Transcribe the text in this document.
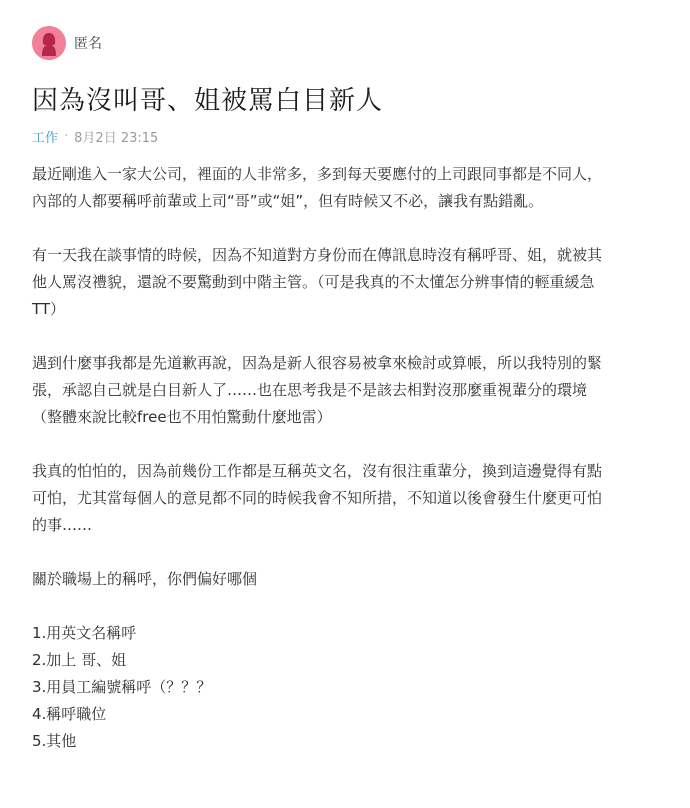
匿名
因為沒叫哥、姐被罵白目新人
工作 · 8月2日 23:15

最近剛進入一家大公司，裡面的人非常多，多到每天要應付的上司跟同事都是不同人，
內部的人都要稱呼前輩或上司“哥”或“姐”，但有時候又不必，讓我有點錯亂。

有一天我在談事情的時候，因為不知道對方身份而在傳訊息時沒有稱呼哥、姐，就被其
他人罵沒禮貌，還說不要驚動到中階主管。（可是我真的不太懂怎分辨事情的輕重緩急
TT）

遇到什麼事我都是先道歉再說，因為是新人很容易被拿來檢討或算帳，所以我特別的緊
張，承認自己就是白目新人了……也在思考我是不是該去相對沒那麼重視輩分的環境
（整體來說比較free也不用怕驚動什麼地雷）

我真的怕怕的，因為前幾份工作都是互稱英文名，沒有很注重輩分，換到這邊覺得有點
可怕，尤其當每個人的意見都不同的時候我會不知所措，不知道以後會發生什麼更可怕
的事……

關於職場上的稱呼，你們偏好哪個

1.用英文名稱呼
2.加上 哥、姐
3.用員工編號稱呼（？？？
4.稱呼職位
5.其他
